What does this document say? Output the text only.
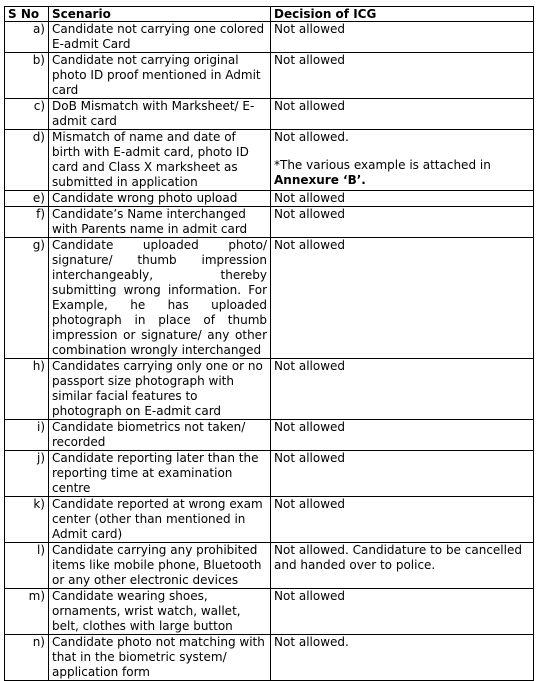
S No	Scenario	Decision of ICG
a)	Candidate not carrying one colored E-admit Card	Not allowed
b)	Candidate not carrying original photo ID proof mentioned in Admit card	Not allowed
c)	DoB Mismatch with Marksheet/ E-admit card	Not allowed
d)	Mismatch of name and date of birth with E-admit card, photo ID card and Class X marksheet as submitted in application	Not allowed.
*The various example is attached in
Annexure ‘B’.

e)	Candidate wrong photo upload	Not allowed
f)	Candidate’s Name interchanged with Parents name in admit card	Not allowed
g)	Candidate uploaded photo/ signature/ thumb impression interchangeably, thereby submitting wrong information. For Example, he has uploaded photograph in place of thumb impression or signature/ any other combination wrongly interchanged	Not allowed
h)	Candidates carrying only one or no passport size photograph with similar facial features to photograph on E-admit card	Not allowed
i)	Candidate biometrics not taken/ recorded	Not allowed
j)	Candidate reporting later than the reporting time at examination centre	Not allowed
k)	Candidate reported at wrong exam center (other than mentioned in Admit card)	Not allowed
l)	Candidate carrying any prohibited items like mobile phone, Bluetooth or any other electronic devices	Not allowed. Candidature to be cancelled and handed over to police.
m)	Candidate wearing shoes, ornaments, wrist watch, wallet, belt, clothes with large button	Not allowed
n)	Candidate photo not matching with that in the biometric system/ application form	Not allowed.
